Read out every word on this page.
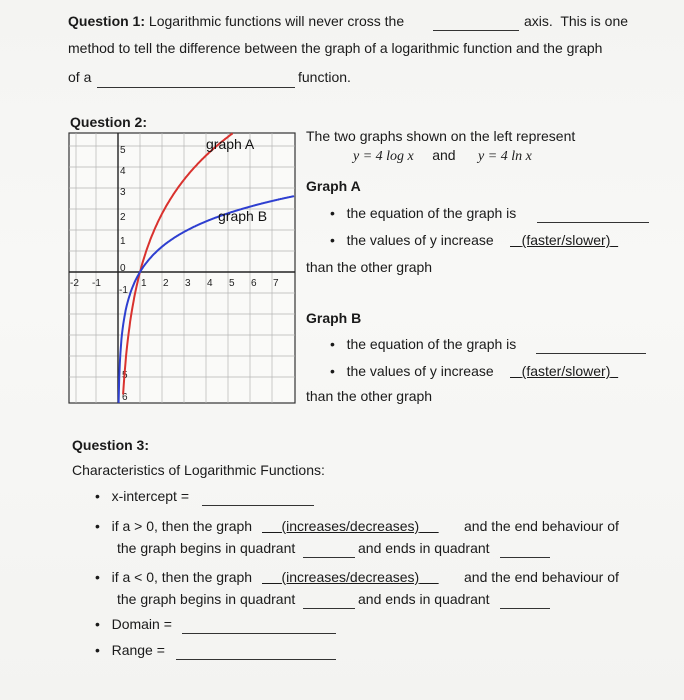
Question 1: Logarithmic functions will never cross the	axis. This is one
method to tell the difference between the graph of a logarithmic function and the graph
of a	function.
Question 2:
5
4
3
2
1
-1
5
6
-2 -1
0
1 2 3 4 5 6 7
graph A
graph B
The two graphs shown on the left represent
y = 4 log x and y = 4 ln x
Graph A
• the equation of the graph is
• the values of y increase	(faster/slower)
than the other graph
Graph B
• the equation of the graph is
• the values of y increase	(faster/slower)
than the other graph
Question 3:
Characteristics of Logarithmic Functions:
• x-intercept =
• if a > 0, then the graph	(increases/decreases)	and the end behaviour of
the graph begins in quadrant	and ends in quadrant
• if a < 0, then the graph	(increases/decreases)	and the end behaviour of
the graph begins in quadrant	and ends in quadrant
• Domain =
• Range =
